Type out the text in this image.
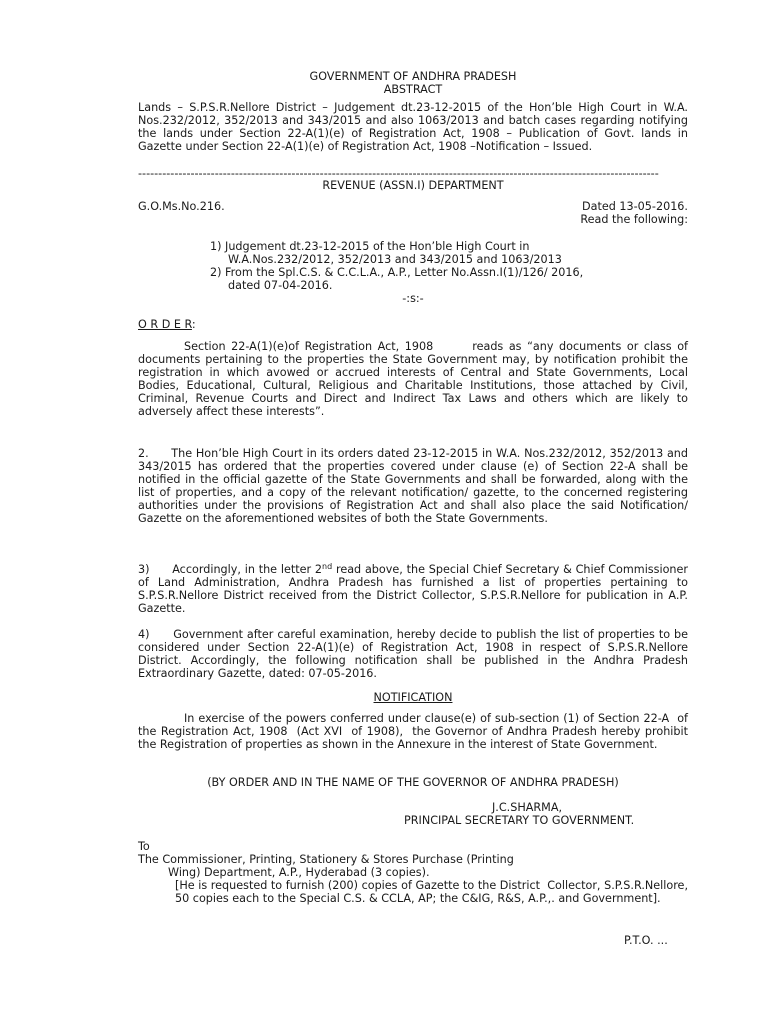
GOVERNMENT OF ANDHRA PRADESH
ABSTRACT
Lands – S.P.S.R.Nellore District – Judgement dt.23-12-2015 of the Hon’ble High Court in W.A. Nos.232/2012, 352/2013 and 343/2015 and also 1063/2013 and batch cases regarding notifying the lands under Section 22-A(1)(e) of Registration Act, 1908 – Publication of Govt. lands in Gazette under Section 22-A(1)(e) of Registration Act, 1908 –Notification – Issued.
---------------------------------------------------------------------------------------------------------------------------------
REVENUE (ASSN.I) DEPARTMENT
G.O.Ms.No.216.	Dated 13-05-2016.
Read the following:
1) Judgement dt.23-12-2015 of the Hon’ble High Court in
W.A.Nos.232/2012, 352/2013 and 343/2015 and 1063/2013
2) From the Spl.C.S. & C.C.L.A., A.P., Letter No.Assn.I(1)/126/ 2016,
dated 07-04-2016.
-:s:-
O R D E R:
Section 22-A(1)(e)of Registration Act, 1908       reads as “any documents or class of documents pertaining to the properties the State Government may, by notification prohibit the registration in which avowed or accrued interests of Central and State Governments, Local Bodies, Educational, Cultural, Religious and Charitable Institutions, those attached by Civil, Criminal, Revenue Courts and Direct and Indirect Tax Laws and others which are likely to adversely affect these interests”.
2.      The Hon’ble High Court in its orders dated 23-12-2015 in W.A. Nos.232/2012, 352/2013 and 343/2015 has ordered that the properties covered under clause (e) of Section 22-A shall be notified in the official gazette of the State Governments and shall be forwarded, along with the list of properties, and a copy of the relevant notification/ gazette, to the concerned registering authorities under the provisions of Registration Act and shall also place the said Notification/ Gazette on the aforementioned websites of both the State Governments.
3)      Accordingly, in the letter 2nd read above, the Special Chief Secretary & Chief Commissioner of Land Administration, Andhra Pradesh has furnished a list of properties pertaining to S.P.S.R.Nellore District received from the District Collector, S.P.S.R.Nellore for publication in A.P. Gazette.
4)      Government after careful examination, hereby decide to publish the list of properties to be considered under Section 22-A(1)(e) of Registration Act, 1908 in respect of S.P.S.R.Nellore District. Accordingly, the following notification shall be published in the Andhra Pradesh Extraordinary Gazette, dated: 07-05-2016.
NOTIFICATION
In exercise of the powers conferred under clause(e) of sub-section (1) of Section 22-A  of the Registration Act, 1908  (Act XVI  of 1908),  the Governor of Andhra Pradesh hereby prohibit the Registration of properties as shown in the Annexure in the interest of State Government.
(BY ORDER AND IN THE NAME OF THE GOVERNOR OF ANDHRA PRADESH)
J.C.SHARMA,
PRINCIPAL SECRETARY TO GOVERNMENT.
To
The Commissioner, Printing, Stationery & Stores Purchase (Printing
Wing) Department, A.P., Hyderabad (3 copies).
[He is requested to furnish (200) copies of Gazette to the District  Collector, S.P.S.R.Nellore, 50 copies each to the Special C.S. & CCLA, AP; the C&IG, R&S, A.P.,. and Government].
P.T.O. ...
